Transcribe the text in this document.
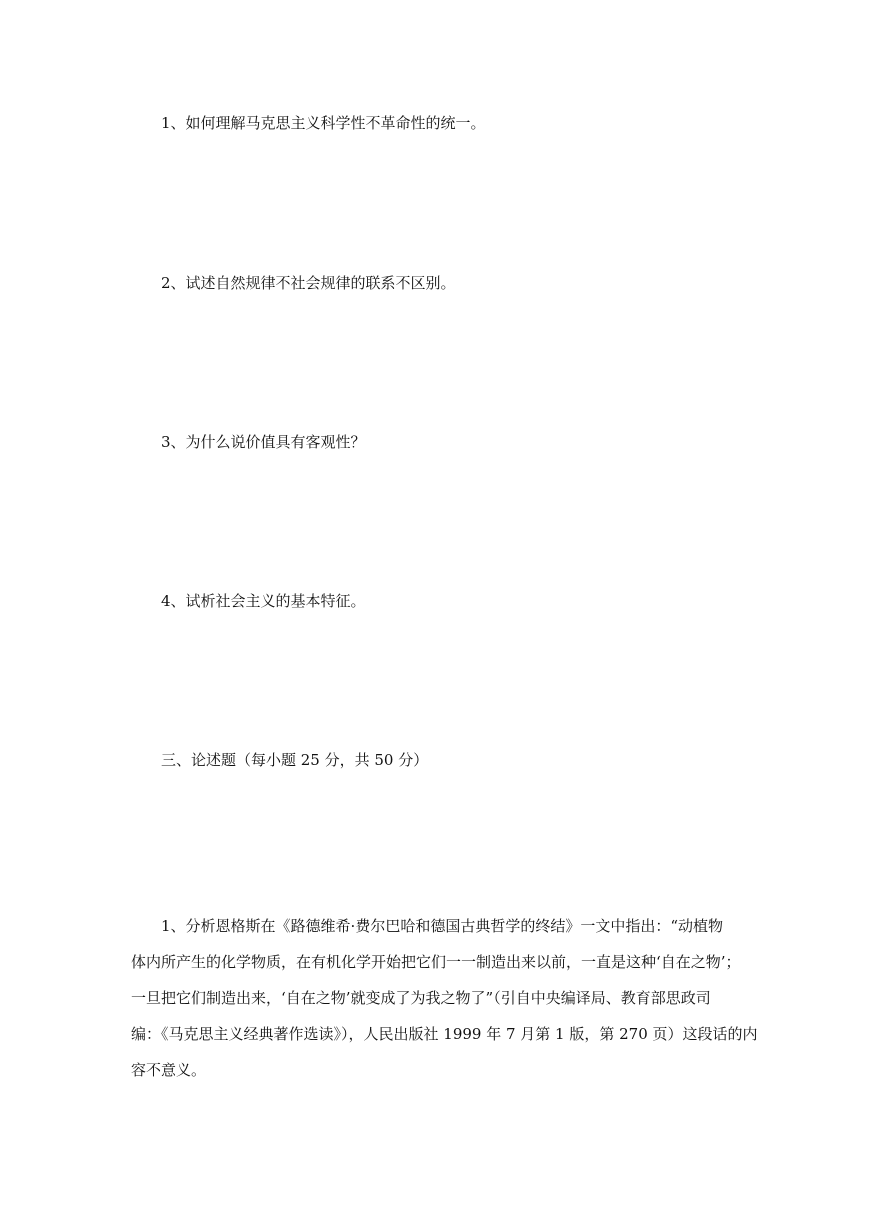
1、如何理解马克思主义科学性不革命性的统一。

2、试述自然规律不社会规律的联系不区别。

3、为什么说价值具有客观性？

4、试析社会主义的基本特征。

三、论述题（每小题 25 分，共 50 分）

1、分析恩格斯在《路德维希·费尔巴哈和德国古典哲学的终结》一文中指出：“动植物
体内所产生的化学物质，在有机化学开始把它们一一制造出来以前，一直是这种‘自在之物’；
一旦把它们制造出来，‘自在之物’就变成了为我之物了”（引自中央编译局、教育部思政司
编：《马克思主义经典著作选读》），人民出版社 1999 年 7 月第 1 版，第 270 页）这段话的内
容不意义。
